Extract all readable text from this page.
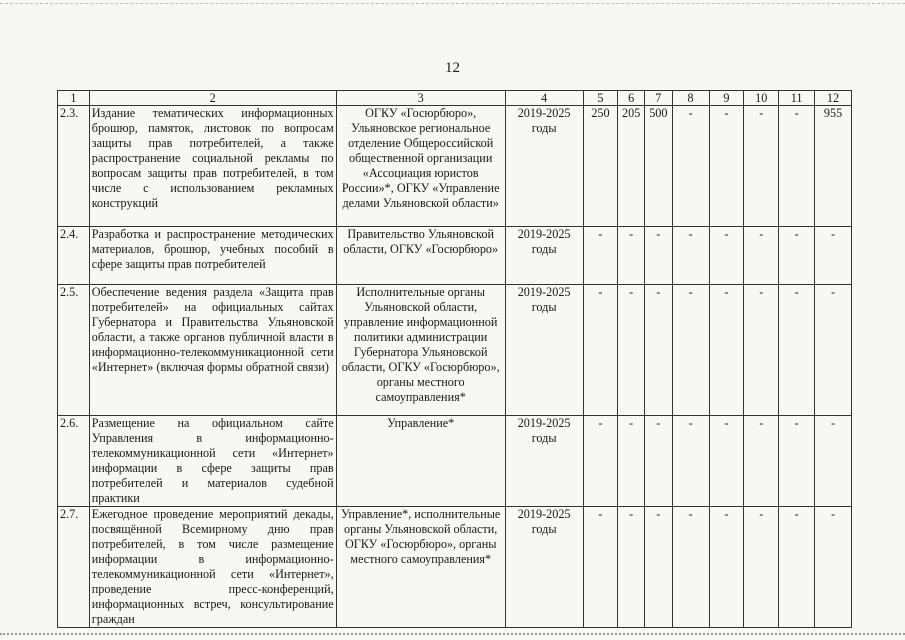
12
1	2	3	4	5	6	7	8	9	10	11	12
2.3.	Издание тематических информационных брошюр, памяток, листовок по вопросам защиты прав потребителей, а также распространение социальной рекламы по вопросам защиты прав потребителей, в том числе с использованием рекламных конструкций	ОГКУ «Госюрбюро», Ульяновское региональное отделение Общероссийской общественной организации «Ассоциация юристов России»*, ОГКУ «Управление делами Ульяновской области»	2019-2025 годы	250	205	500	-	-	-	-	955
2.4.	Разработка и распространение методических материалов, брошюр, учебных пособий в сфере защиты прав потребителей	Правительство Ульяновской области, ОГКУ «Госюрбюро»	2019-2025 годы	-	-	-	-	-	-	-	-
2.5.	Обеспечение ведения раздела «Защита прав потребителей» на официальных сайтах Губернатора и Правительства Ульяновской области, а также органов публичной власти в информационно-телекоммуникационной сети «Интернет» (включая формы обратной связи)	Исполнительные органы Ульяновской области, управление информационной политики администрации Губернатора Ульяновской области, ОГКУ «Госюрбюро», органы местного самоуправления*	2019-2025 годы	-	-	-	-	-	-	-	-
2.6.	Размещение на официальном сайте Управления в информационно-телекоммуникационной сети «Интернет» информации в сфере защиты прав потребителей и материалов судебной практики	Управление*	2019-2025 годы	-	-	-	-	-	-	-	-
2.7.	Ежегодное проведение мероприятий декады, посвящённой Всемирному дню прав потребителей, в том числе размещение информации в информационно-телекоммуникационной сети «Интернет», проведение пресс-конференций, информационных встреч, консультирование граждан	Управление*, исполнительные органы Ульяновской области, ОГКУ «Госюрбюро», органы местного самоуправления*	2019-2025 годы	-	-	-	-	-	-	-	-
